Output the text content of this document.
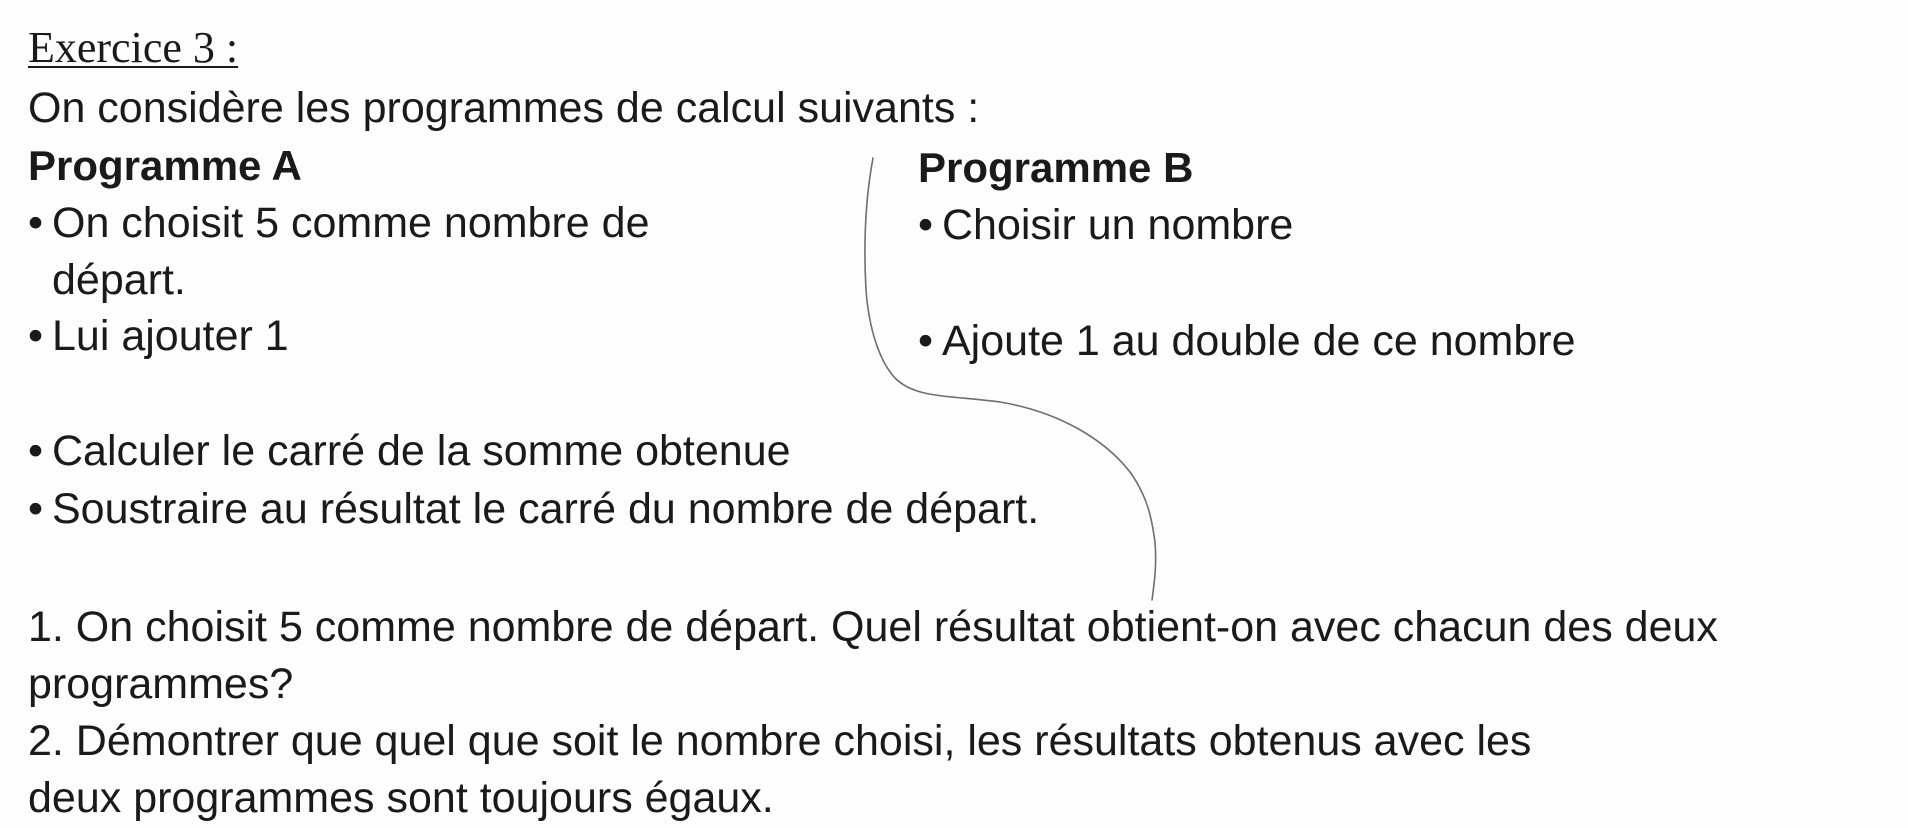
Exercice 3 :
On considère les programmes de calcul suivants :
Programme A
• On choisit 5 comme nombre de
départ.
• Lui ajouter 1
• Calculer le carré de la somme obtenue
• Soustraire au résultat le carré du nombre de départ.
Programme B
• Choisir un nombre
• Ajoute 1 au double de ce nombre
1. On choisit 5 comme nombre de départ. Quel résultat obtient-on avec chacun des deux
programmes?
2. Démontrer que quel que soit le nombre choisi, les résultats obtenus avec les
deux programmes sont toujours égaux.
